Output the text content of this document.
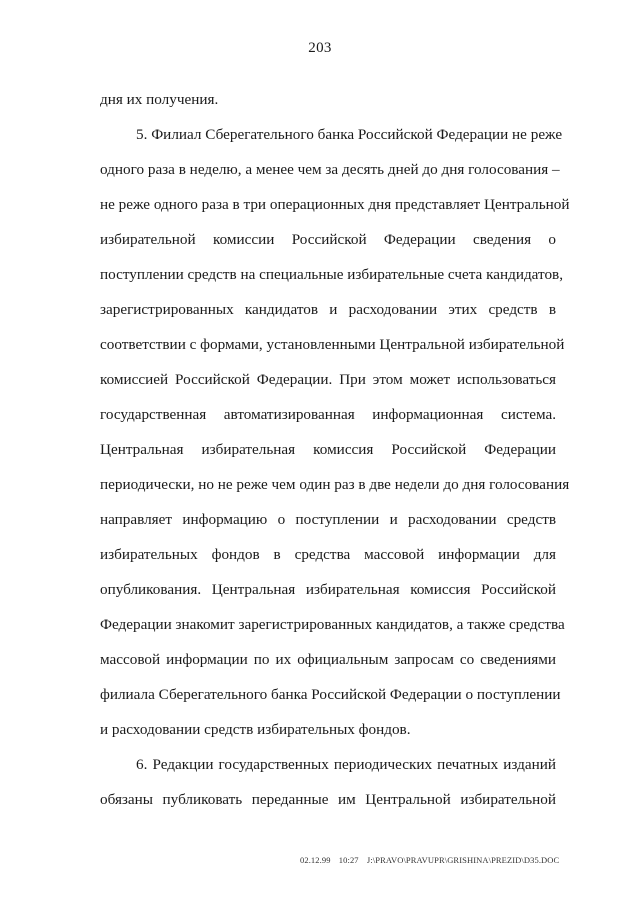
203
дня их получения.
5. Филиал Сберегательного банка Российской Федерации не реже
одного раза в неделю, а менее чем за десять дней до дня голосования –
не реже одного раза в три операционных дня представляет Центральной
избирательной комиссии Российской Федерации сведения о
поступлении средств на специальные избирательные счета кандидатов,
зарегистрированных кандидатов и расходовании этих средств в
соответствии с формами, установленными Центральной избирательной
комиссией Российской Федерации. При этом может использоваться
государственная автоматизированная информационная система.
Центральная избирательная комиссия Российской Федерации
периодически, но не реже чем один раз в две недели до дня голосования
направляет информацию о поступлении и расходовании средств
избирательных фондов в средства массовой информации для
опубликования. Центральная избирательная комиссия Российской
Федерации знакомит зарегистрированных кандидатов, а также средства
массовой информации по их официальным запросам со сведениями
филиала Сберегательного банка Российской Федерации о поступлении
и расходовании средств избирательных фондов.
6. Редакции государственных периодических печатных изданий
обязаны публиковать переданные им Центральной избирательной
02.12.99 10:27 J:\PRAVO\PRAVUPR\GRISHINA\PREZID\D35.DOC
